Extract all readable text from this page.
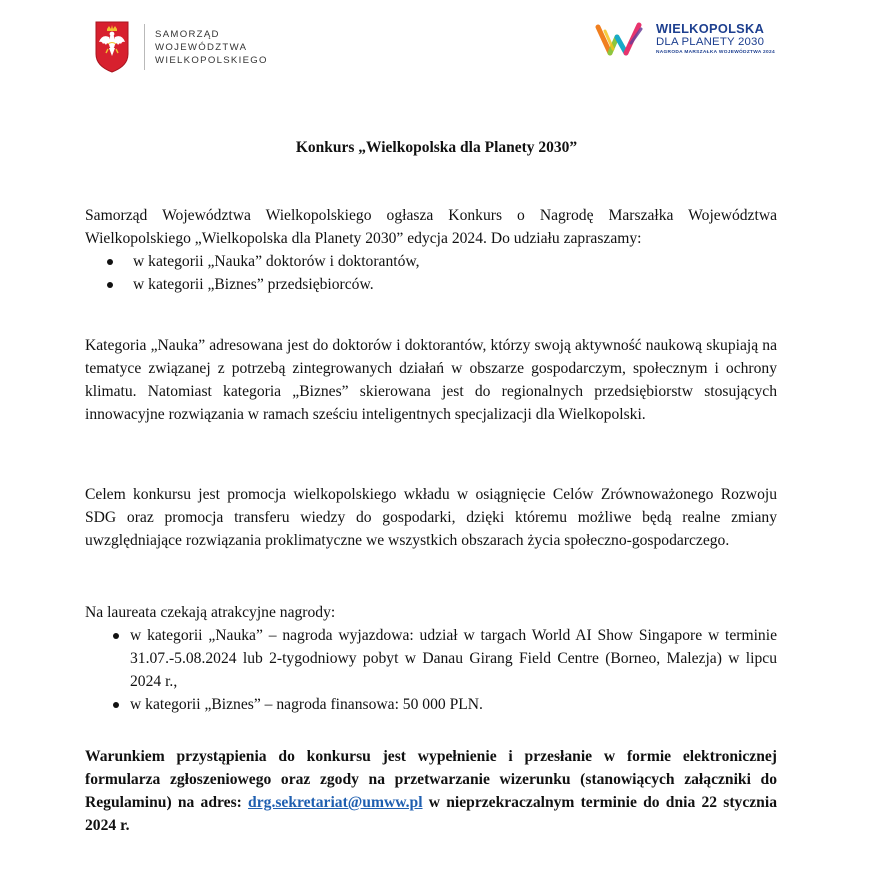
SAMORZĄD
WOJEWÓDZTWA
WIELKOPOLSKIEGO
WIELKOPOLSKA
DLA PLANETY 2030
NAGRODA MARSZAŁKA WOJEWÓDZTWA 2024
Konkurs „Wielkopolska dla Planety 2030”

Samorząd Województwa Wielkopolskiego ogłasza Konkurs o Nagrodę Marszałka Województwa Wielkopolskiego „Wielkopolska dla Planety 2030” edycja 2024. Do udziału zapraszamy:

w kategorii „Nauka” doktorów i doktorantów,
w kategorii „Biznes” przedsiębiorców.

Kategoria „Nauka” adresowana jest do doktorów i doktorantów, którzy swoją aktywność naukową skupiają na tematyce związanej z potrzebą zintegrowanych działań w obszarze gospodarczym, społecznym i ochrony klimatu. Natomiast kategoria „Biznes” skierowana jest do regionalnych przedsiębiorstw stosujących innowacyjne rozwiązania w ramach sześciu inteligentnych specjalizacji dla Wielkopolski.

Celem konkursu jest promocja wielkopolskiego wkładu w osiągnięcie Celów Zrównoważonego Rozwoju SDG oraz promocja transferu wiedzy do gospodarki, dzięki któremu możliwe będą realne zmiany uwzględniające rozwiązania proklimatyczne we wszystkich obszarach życia społeczno-gospodarczego.

Na laureata czekają atrakcyjne nagrody:

w kategorii „Nauka” – nagroda wyjazdowa: udział w targach World AI Show Singapore w terminie 31.07.-5.08.2024 lub 2-tygodniowy pobyt w Danau Girang Field Centre (Borneo, Malezja) w lipcu 2024 r.,
w kategorii „Biznes” – nagroda finansowa: 50 000 PLN.

Warunkiem przystąpienia do konkursu jest wypełnienie i przesłanie w formie elektronicznej formularza zgłoszeniowego oraz zgody na przetwarzanie wizerunku (stanowiących załączniki do Regulaminu) na adres: drg.sekretariat@umww.pl w nieprzekraczalnym terminie do dnia 22 stycznia 2024 r.
